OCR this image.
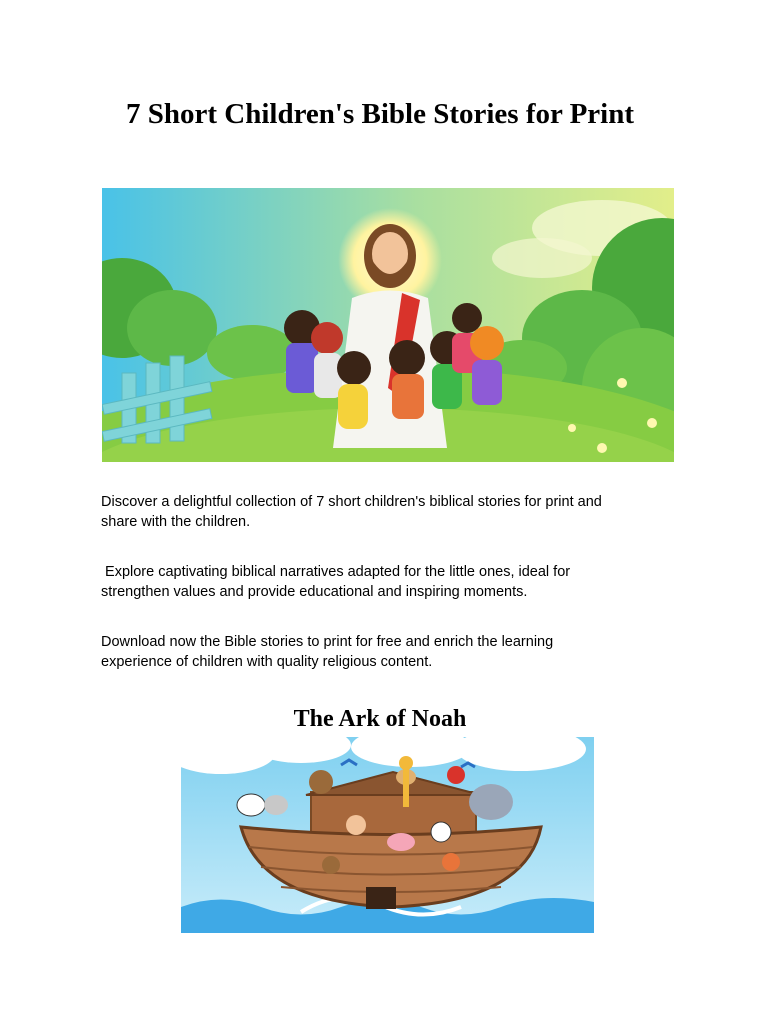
7 Short Children's Bible Stories for Print

Discover a delightful collection of 7 short children's biblical stories for print and share with the children.

Explore captivating biblical narratives adapted for the little ones, ideal for strengthen values and provide educational and inspiring moments.

Download now the Bible stories to print for free and enrich the learning experience of children with quality religious content.

The Ark of Noah
